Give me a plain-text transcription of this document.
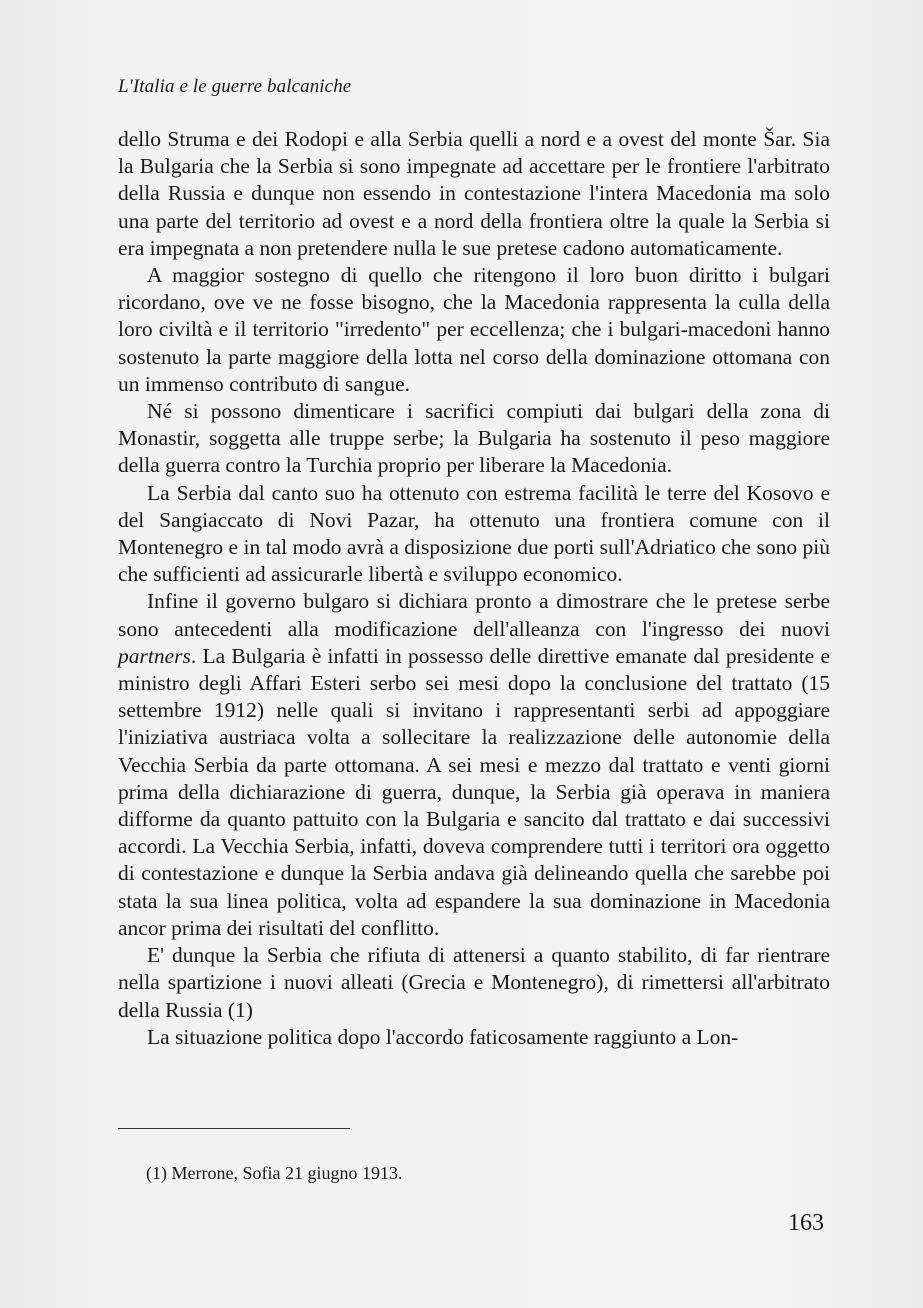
L'Italia e le guerre balcaniche

dello Struma e dei Rodopi e alla Serbia quelli a nord e a ovest del monte Šar. Sia la Bulgaria che la Serbia si sono impegnate ad accettare per le frontiere l'arbitrato della Russia e dunque non essendo in contestazione l'intera Macedonia ma solo una parte del territorio ad ovest e a nord della frontiera oltre la quale la Serbia si era impegnata a non pretendere nulla le sue pretese cadono automaticamente.

A maggior sostegno di quello che ritengono il loro buon diritto i bulgari ricordano, ove ve ne fosse bisogno, che la Macedonia rappresenta la culla della loro civiltà e il territorio "irredento" per eccellenza; che i bulgari-macedoni hanno sostenuto la parte maggiore della lotta nel corso della dominazione ottomana con un immenso contributo di sangue.

Né si possono dimenticare i sacrifici compiuti dai bulgari della zona di Monastir, soggetta alle truppe serbe; la Bulgaria ha sostenuto il peso maggiore della guerra contro la Turchia proprio per liberare la Macedonia.

La Serbia dal canto suo ha ottenuto con estrema facilità le terre del Kosovo e del Sangiaccato di Novi Pazar, ha ottenuto una frontiera comune con il Montenegro e in tal modo avrà a disposizione due porti sull'Adriatico che sono più che sufficienti ad assicurarle libertà e sviluppo economico.

Infine il governo bulgaro si dichiara pronto a dimostrare che le pretese serbe sono antecedenti alla modificazione dell'alleanza con l'ingresso dei nuovi partners. La Bulgaria è infatti in possesso delle direttive emanate dal presidente e ministro degli Affari Esteri serbo sei mesi dopo la conclusione del trattato (15 settembre 1912) nelle quali si invitano i rappresentanti serbi ad appoggiare l'iniziativa austriaca volta a sollecitare la realizzazione delle autonomie della Vecchia Serbia da parte ottomana. A sei mesi e mezzo dal trattato e venti giorni prima della dichiarazione di guerra, dunque, la Serbia già operava in maniera difforme da quanto pattuito con la Bulgaria e sancito dal trattato e dai successivi accordi. La Vecchia Serbia, infatti, doveva comprendere tutti i territori ora oggetto di contestazione e dunque la Serbia andava già delineando quella che sarebbe poi stata la sua linea politica, volta ad espandere la sua dominazione in Macedonia ancor prima dei risultati del conflitto.

E' dunque la Serbia che rifiuta di attenersi a quanto stabilito, di far rientrare nella spartizione i nuovi alleati (Grecia e Montenegro), di rimettersi all'arbitrato della Russia (1)

La situazione politica dopo l'accordo faticosamente raggiunto a Lon-

(1) Merrone, Sofia 21 giugno 1913.
163
